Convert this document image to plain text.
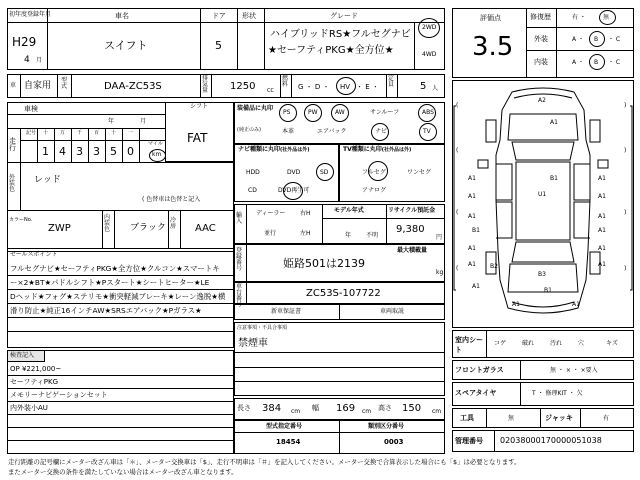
初年度登録年月
H29
4 月
車名
スイフト
ドア
5
形状	グレード
ハイブリッドRS★フルセグナビ
★セーフティPKG★全方位★
2WD
4WD
車 自家用
型式	DAA-ZC53S
排気量 1250 CC
燃料 G ・ D ・ HV ・ E ・
定員	5 人
シフト
FAT
車検
年	月
走行	マイル
km
外装色
レッド
( 色替車は色替と記入
カラーNo.
ZWP
内装色	ブラック
冷房 AAC
セールスポイント
検査記入
装備品に丸印
(純正のみ)
ナビ種類に丸印(社外品は外)	TV種類に丸印(社外品は外)
輸入
ディーラー
並行
右H
左H
モデル年式
年 不明
リサイクル預託金
9,380
円
登録番号	姫路501は2139
最大積載量
kg
車台番号
ZC53S-107722
新車保証書	車両取説
注意事項・不具合事項
禁煙車
長さ 384 cm 幅 169 cm 高さ 150 cm
型式指定番号
18454
類別区分番号
0003
評価点
3.5
修復歴	有 ・	無
外装	A ・ B ・ C
内装	A ・ B ・ C
A2
A1
A1
A1
A1
B1
B1	A1
A1
A1
B2
U1
A1
A1
A1
A1
A1
A1
B3
B1
A1	A1
(
(
(
(
)
)
)
)
室内シート
フロントガラス	無 ・ × ・ ×要入
スペアタイヤ	T ・ 修理KIT ・ 欠
工具	無	ジャッキ	有
管理番号 020380001700000510​38
走行距離の記号欄にメーター改ざん車は「＊」、メーター交換車は「$」、走行不明車は「＃」を記入してください。メーター交換で合算表示した場合にも「$」は必要となります。
またメーター交換の条件を満たしていない場合はメーター改ざん車となります。
記号 十 万 千 百 十 一
1 4 3 3 5 0
フルセグナビ★セーフティPKG★全方位★クルコン★スマートキ
ー×2★BT★パドルシフト★Pスタート★シートヒーター★LE
Dヘッド★フォグ★ステリモ★衝突軽減ブレーキ★レーン逸脱★横
滑り防止★純正16インチAW★SRSエアバック★Pガラス★
OP ¥221,000~
セーフティPKG
メモリーナビゲーションセット
内外装小AU
PS	PW	AW	サンルーフ	ABS
本革	エアバック	ナビ	TV
HDD	DVD	SD
CD	DVD再生可
フルセグ	ワンセグ
アナログ
コゲ	破れ	汚れ	穴	キズ
